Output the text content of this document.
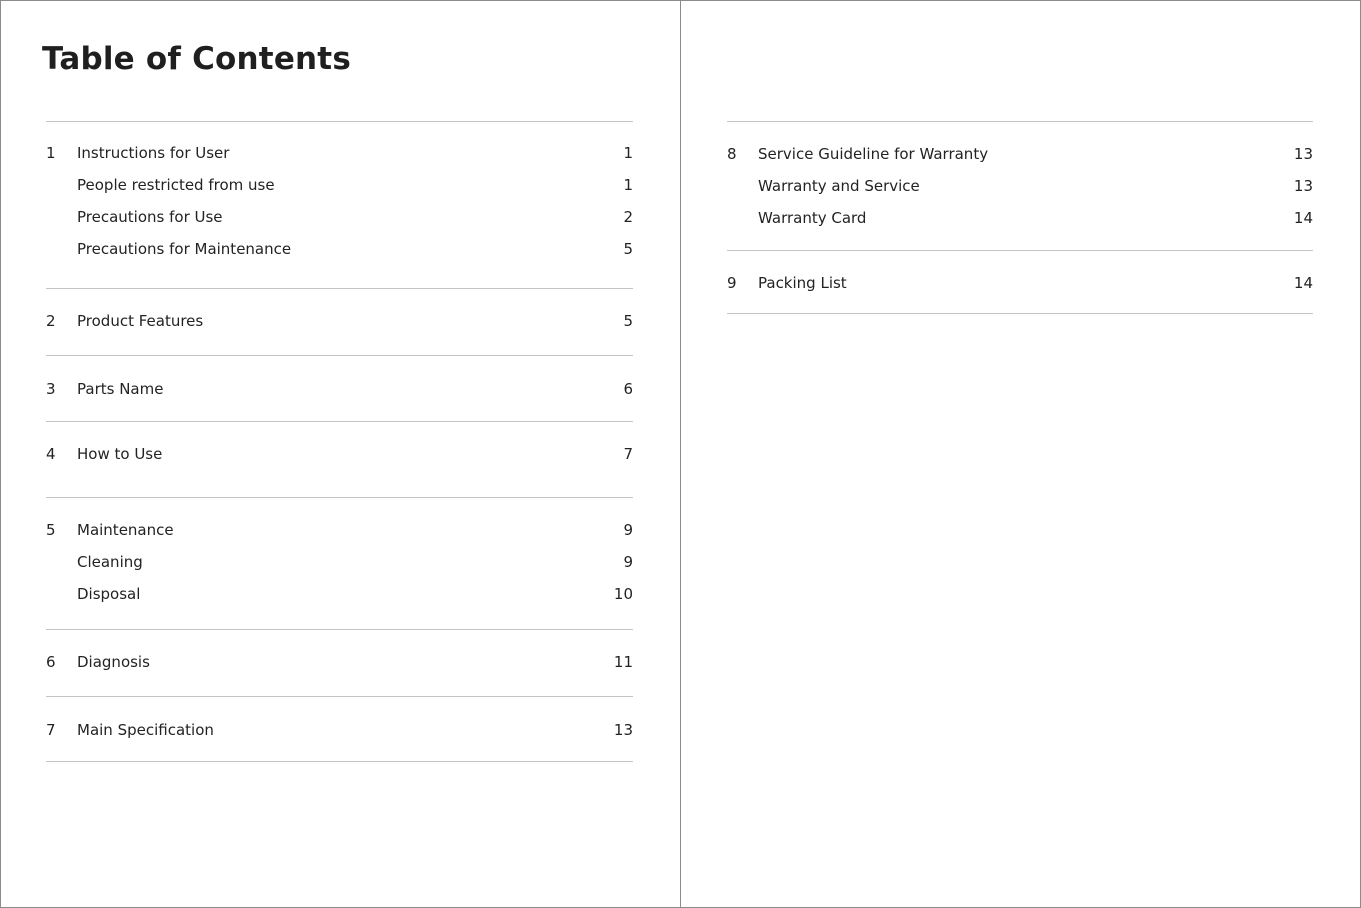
Table of Contents
1	Instructions for User	1
People restricted from use	1
Precautions for Use	2
Precautions for Maintenance	5
2	Product Features	5
3	Parts Name	6
4	How to Use	7
5	Maintenance	9
Cleaning	9
Disposal	10
6	Diagnosis	11
7	Main Specification	13
8	Service Guideline for Warranty	13
Warranty and Service	13
Warranty Card	14
9	Packing List	14
